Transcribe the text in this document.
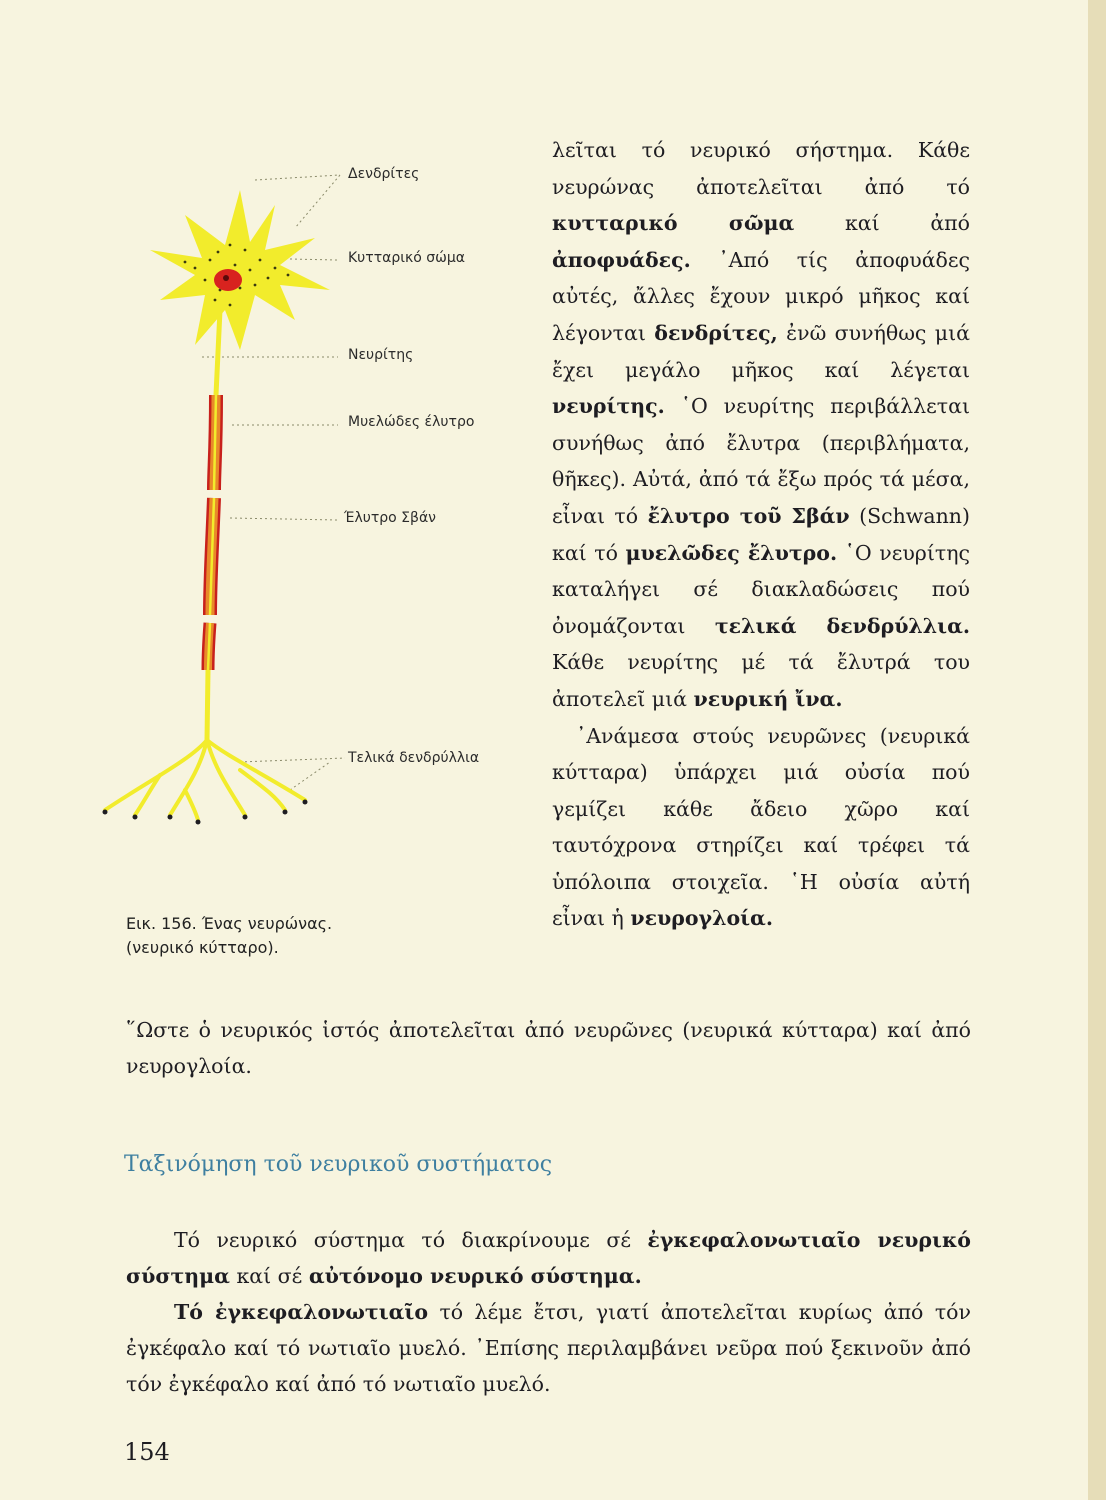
Δενδρίτες
Κυτταρικό σώμα
Νευρίτης
Μυελώδες έλυτρο
Έλυτρο Σβάν
Τελικά δενδρύλλια
Εικ. 156. Ένας νευρώνας.
(νευρικό κύτταρο).

λεῖται τό νευρικό σήστημα. Κάθε νευρώνας ἀποτελεῖται ἀπό τό κυτταρικό σῶμα καί ἀπό ἀποφυάδες. ᾿Από τίς ἀποφυάδες αὐτές, ἄλλες ἔχουν μικρό μῆκος καί λέγονται δενδρίτες, ἐνῶ συνήθως μιά ἔχει μεγάλο μῆκος καί λέγεται νευρίτης. ῾Ο νευρίτης περιβάλλεται συνήθως ἀπό ἔλυτρα (περιβλήματα, θῆκες). Αὐτά, ἀπό τά ἔξω πρός τά μέσα, εἶναι τό ἔλυτρο τοῦ Σβάν (Schwann) καί τό μυελῶδες ἔλυτρο. ῾Ο νευρίτης καταλήγει σέ διακλαδώσεις πού ὀνομάζονται τελικά δενδρύλλια. Κάθε νευρίτης μέ τά ἔλυτρά του ἀποτελεῖ μιά νευρική ἴνα.

᾿Ανάμεσα στούς νευρῶνες (νευρικά κύτταρα) ὑπάρχει μιά οὐσία πού γεμίζει κάθε ἄδειο χῶρο καί ταυτόχρονα στηρίζει καί τρέφει τά ὑπόλοιπα στοιχεῖα. ῾Η οὐσία αὐτή εἶναι ἡ νευρογλοία.

῞Ωστε ὁ νευρικός ἱστός ἀποτελεῖται ἀπό νευρῶνες (νευρικά κύτταρα) καί ἀπό νευρογλοία.

Ταξινόμηση τοῦ νευρικοῦ συστήματος

Τό νευρικό σύστημα τό διακρίνουμε σέ ἐγκεφαλονωτιαῖο νευρικό σύστημα καί σέ αὐτόνομο νευρικό σύστημα.

Τό ἐγκεφαλονωτιαῖο τό λέμε ἔτσι, γιατί ἀποτελεῖται κυρίως ἀπό τόν ἐγκέφαλο καί τό νωτιαῖο μυελό. ᾿Επίσης περιλαμβάνει νεῦρα πού ξεκινοῦν ἀπό τόν ἐγκέφαλο καί ἀπό τό νωτιαῖο μυελό.

154
